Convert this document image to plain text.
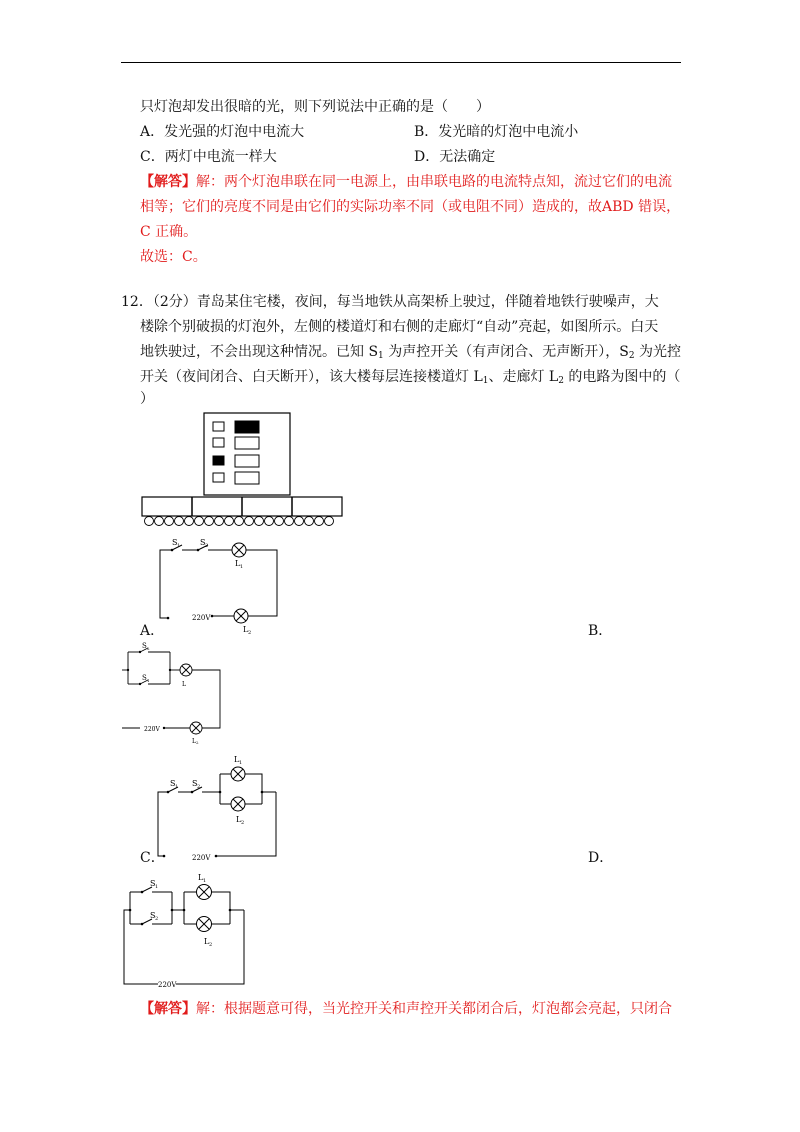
只灯泡却发出很暗的光，则下列说法中正确的是（　　）
A．发光强的灯泡中电流大	B．发光暗的灯泡中电流小
C．两灯中电流一样大	D．无法确定
【解答】解：两个灯泡串联在同一电源上，由串联电路的电流特点知，流过它们的电流
相等；它们的亮度不同是由它们的实际功率不同（或电阻不同）造成的，故ABD 错误，
C 正确。
故选：C。
12．（2分）青岛某住宅楼，夜间，每当地铁从高架桥上驶过，伴随着地铁行驶噪声，大
楼除个别破损的灯泡外，左侧的楼道灯和右侧的走廊灯“自动”亮起，如图所示。白天
地铁驶过，不会出现这种情况。已知 $S_1$ 为声控开关（有声闭合、无声断开），$S_2$ 为光控
开关（夜间闭合、白天断开），该大楼每层连接楼道灯 $L_1$、走廊灯 $L_2$ 的电路为图中的（
）
S 1 S 2
L 1
220V
L 2
A．	B．
S 2
S 1
L
220V
L 2
S 1 S 2
L 1
L 2
220V
C．	D．
S 1
S 2
L 1
L 2
220V
【解答】解：根据题意可得，当光控开关和声控开关都闭合后，灯泡都会亮起，只闭合
